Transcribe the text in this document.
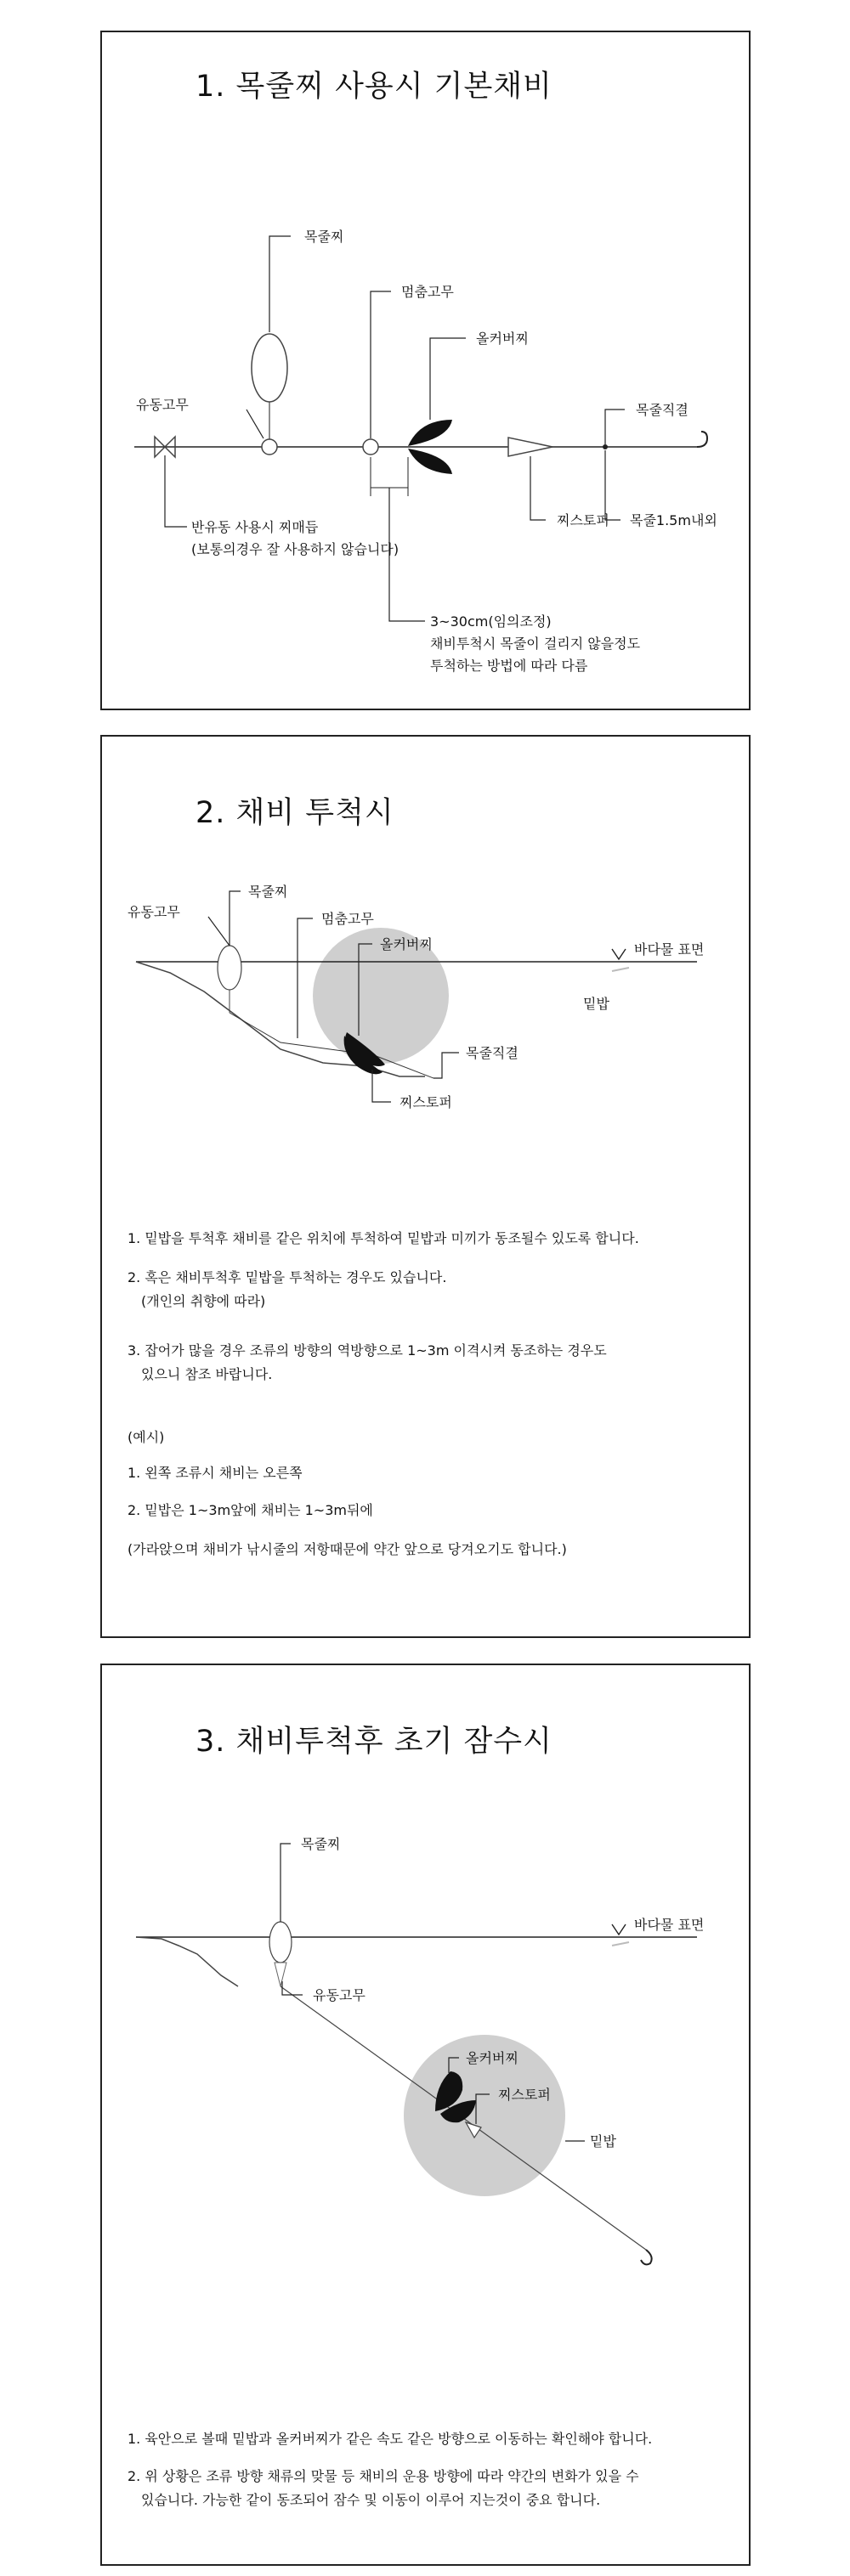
1. 목줄찌 사용시 기본채비
목줄찌
멈춤고무
올커버찌
유동고무	목줄직결
반유동 사용시 찌매듭
(보통의경우 잘 사용하지 않습니다)
찌스토퍼 목줄1.5m내외
3~30cm(임의조정)
채비투척시 목줄이 걸리지 않을정도
투척하는 방법에 따라 다름
2. 채비 투척시
목줄찌
유동고무	멈춤고무
올커버찌	바다물 표면
밑밥
목줄직결
찌스토퍼
1. 밑밥을 투척후 채비를 같은 위치에 투척하여 밑밥과 미끼가 동조될수 있도록 합니다.
2. 혹은 채비투척후 밑밥을 투척하는 경우도 있습니다.
(개인의 취향에 따라)
3. 잡어가 많을 경우 조류의 방향의 역방향으로 1~3m 이격시켜 동조하는 경우도
있으니 참조 바랍니다.
(예시)
1. 왼쪽 조류시 채비는 오른쪽
2. 밑밥은 1~3m앞에 채비는 1~3m뒤에
(가라앉으며 채비가 낚시줄의 저항때문에 약간 앞으로 당겨오기도 합니다.)
3. 채비투척후 초기 잠수시
목줄찌
바다물 표면
유동고무
올커버찌
찌스토퍼
밑밥
1. 육안으로 볼때 밑밥과 올커버찌가 같은 속도 같은 방향으로 이동하는 확인해야 합니다.
2. 위 상황은 조류 방향 채류의 맞물 등 채비의 운용 방향에 따라 약간의 변화가 있을 수
있습니다. 가능한 같이 동조되어 잠수 및 이동이 이루어 지는것이 중요 합니다.
